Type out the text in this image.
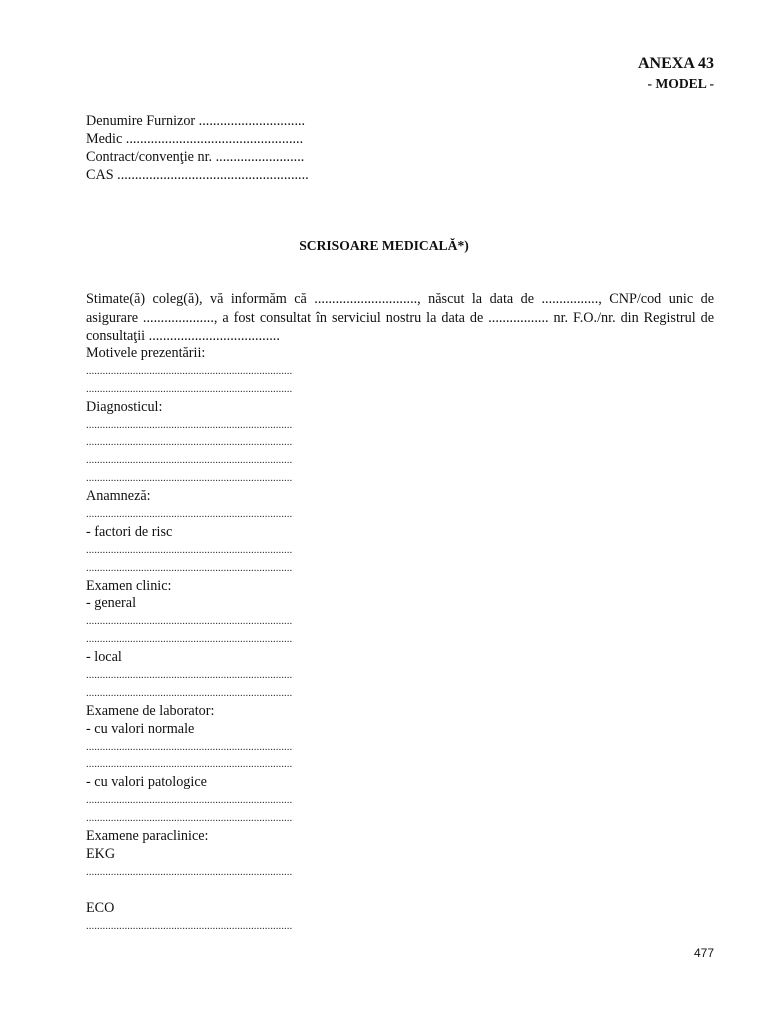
ANEXA 43
- MODEL -
Denumire Furnizor ..............................
Medic ..................................................
Contract/convenţie nr. .........................
CAS ......................................................
SCRISOARE MEDICALĂ*)
Stimate(ă) coleg(ă), vă informăm că ............................., născut la data de ................, CNP/cod unic de asigurare ...................., a fost consultat în serviciul nostru la data de ................. nr. F.O./nr. din Registrul de consultaţii .....................................
Motivele prezentării:
...........................................................................
...........................................................................
Diagnosticul:
...........................................................................
...........................................................................
...........................................................................
...........................................................................
Anamneză:
...........................................................................
- factori de risc
...........................................................................
...........................................................................
Examen clinic:
- general
...........................................................................
...........................................................................
- local
...........................................................................
...........................................................................
Examene de laborator:
- cu valori normale
...........................................................................
...........................................................................
- cu valori patologice
...........................................................................
...........................................................................
Examene paraclinice:
EKG
...........................................................................
ECO
...........................................................................
477
